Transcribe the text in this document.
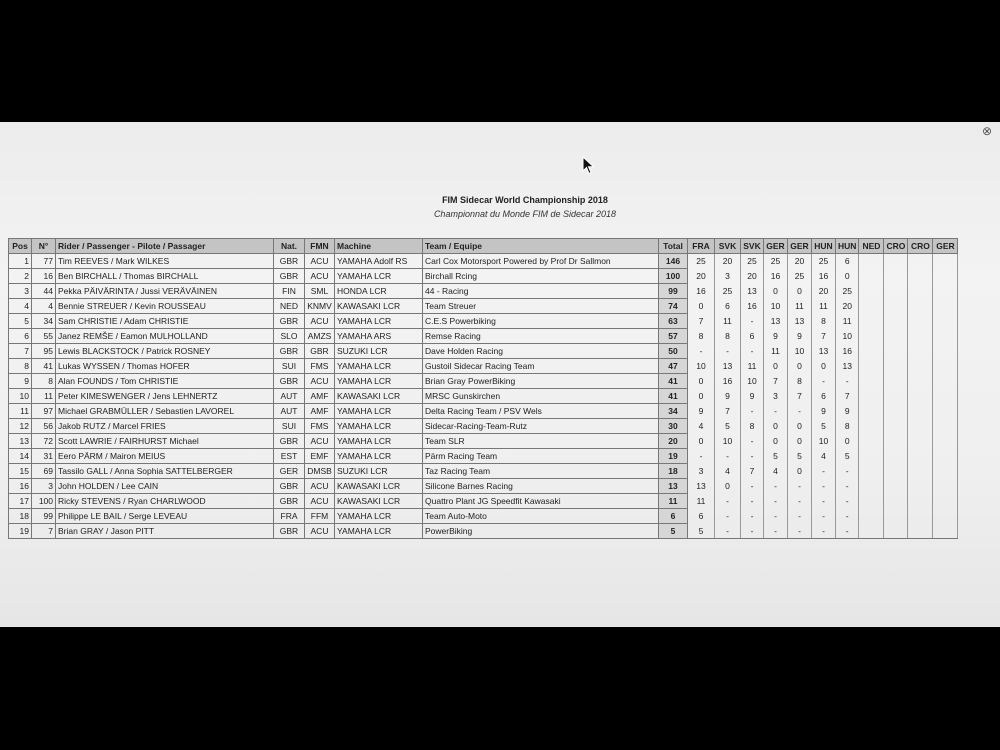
⊗
FIM Sidecar World Championship 2018
Championnat du Monde FIM de Sidecar 2018
Pos	N°	Rider / Passenger - Pilote / Passager	Nat.	FMN	Machine	Team / Equipe	Total	FRA	SVK	SVK	GER	GER	HUN	HUN	NED	CRO	CRO	GER
1	77	Tim REEVES / Mark WILKES	GBR	ACU	YAMAHA Adolf RS	Carl Cox Motorsport Powered by Prof Dr Sallmon	146	25	20	25	25	20	25	6				
2	16	Ben BIRCHALL / Thomas BIRCHALL	GBR	ACU	YAMAHA LCR	Birchall Rcing	100	20	3	20	16	25	16	0				
3	44	Pekka PÄIVÄRINTA / Jussi VERÄVÄINEN	FIN	SML	HONDA LCR	44 - Racing	99	16	25	13	0	0	20	25				
4	4	Bennie STREUER / Kevin ROUSSEAU	NED	KNMV	KAWASAKI LCR	Team Streuer	74	0	6	16	10	11	11	20				
5	34	Sam CHRISTIE / Adam CHRISTIE	GBR	ACU	YAMAHA LCR	C.E.S Powerbiking	63	7	11	-	13	13	8	11				
6	55	Janez REMŠE / Eamon MULHOLLAND	SLO	AMZS	YAMAHA ARS	Remse Racing	57	8	8	6	9	9	7	10				
7	95	Lewis BLACKSTOCK / Patrick ROSNEY	GBR	GBR	SUZUKI LCR	Dave Holden Racing	50	-	-	-	11	10	13	16				
8	41	Lukas WYSSEN / Thomas HOFER	SUI	FMS	YAMAHA LCR	Gustoil Sidecar Racing Team	47	10	13	11	0	0	0	13				
9	8	Alan FOUNDS / Tom CHRISTIE	GBR	ACU	YAMAHA LCR	Brian Gray PowerBiking	41	0	16	10	7	8	-	-				
10	11	Peter KIMESWENGER / Jens LEHNERTZ	AUT	AMF	KAWASAKI LCR	MRSC Gunskirchen	41	0	9	9	3	7	6	7				
11	97	Michael GRABMÜLLER / Sebastien LAVOREL	AUT	AMF	YAMAHA LCR	Delta Racing Team / PSV Wels	34	9	7	-	-	-	9	9				
12	56	Jakob RUTZ / Marcel FRIES	SUI	FMS	YAMAHA LCR	Sidecar-Racing-Team-Rutz	30	4	5	8	0	0	5	8				
13	72	Scott LAWRIE / FAIRHURST Michael	GBR	ACU	YAMAHA LCR	Team SLR	20	0	10	-	0	0	10	0				
14	31	Eero PÄRM / Mairon MEIUS	EST	EMF	YAMAHA LCR	Pärm Racing Team	19	-	-	-	5	5	4	5				
15	69	Tassilo GALL / Anna Sophia SATTELBERGER	GER	DMSB	SUZUKI LCR	Taz Racing Team	18	3	4	7	4	0	-	-				
16	3	John HOLDEN / Lee CAIN	GBR	ACU	KAWASAKI LCR	Silicone Barnes Racing	13	13	0	-	-	-	-	-				
17	100	Ricky STEVENS / Ryan CHARLWOOD	GBR	ACU	KAWASAKI LCR	Quattro Plant JG Speedfit Kawasaki	11	11	-	-	-	-	-	-				
18	99	Philippe LE BAIL / Serge LEVEAU	FRA	FFM	YAMAHA LCR	Team Auto-Moto	6	6	-	-	-	-	-	-				
19	7	Brian GRAY / Jason PITT	GBR	ACU	YAMAHA LCR	PowerBiking	5	5	-	-	-	-	-	-				
